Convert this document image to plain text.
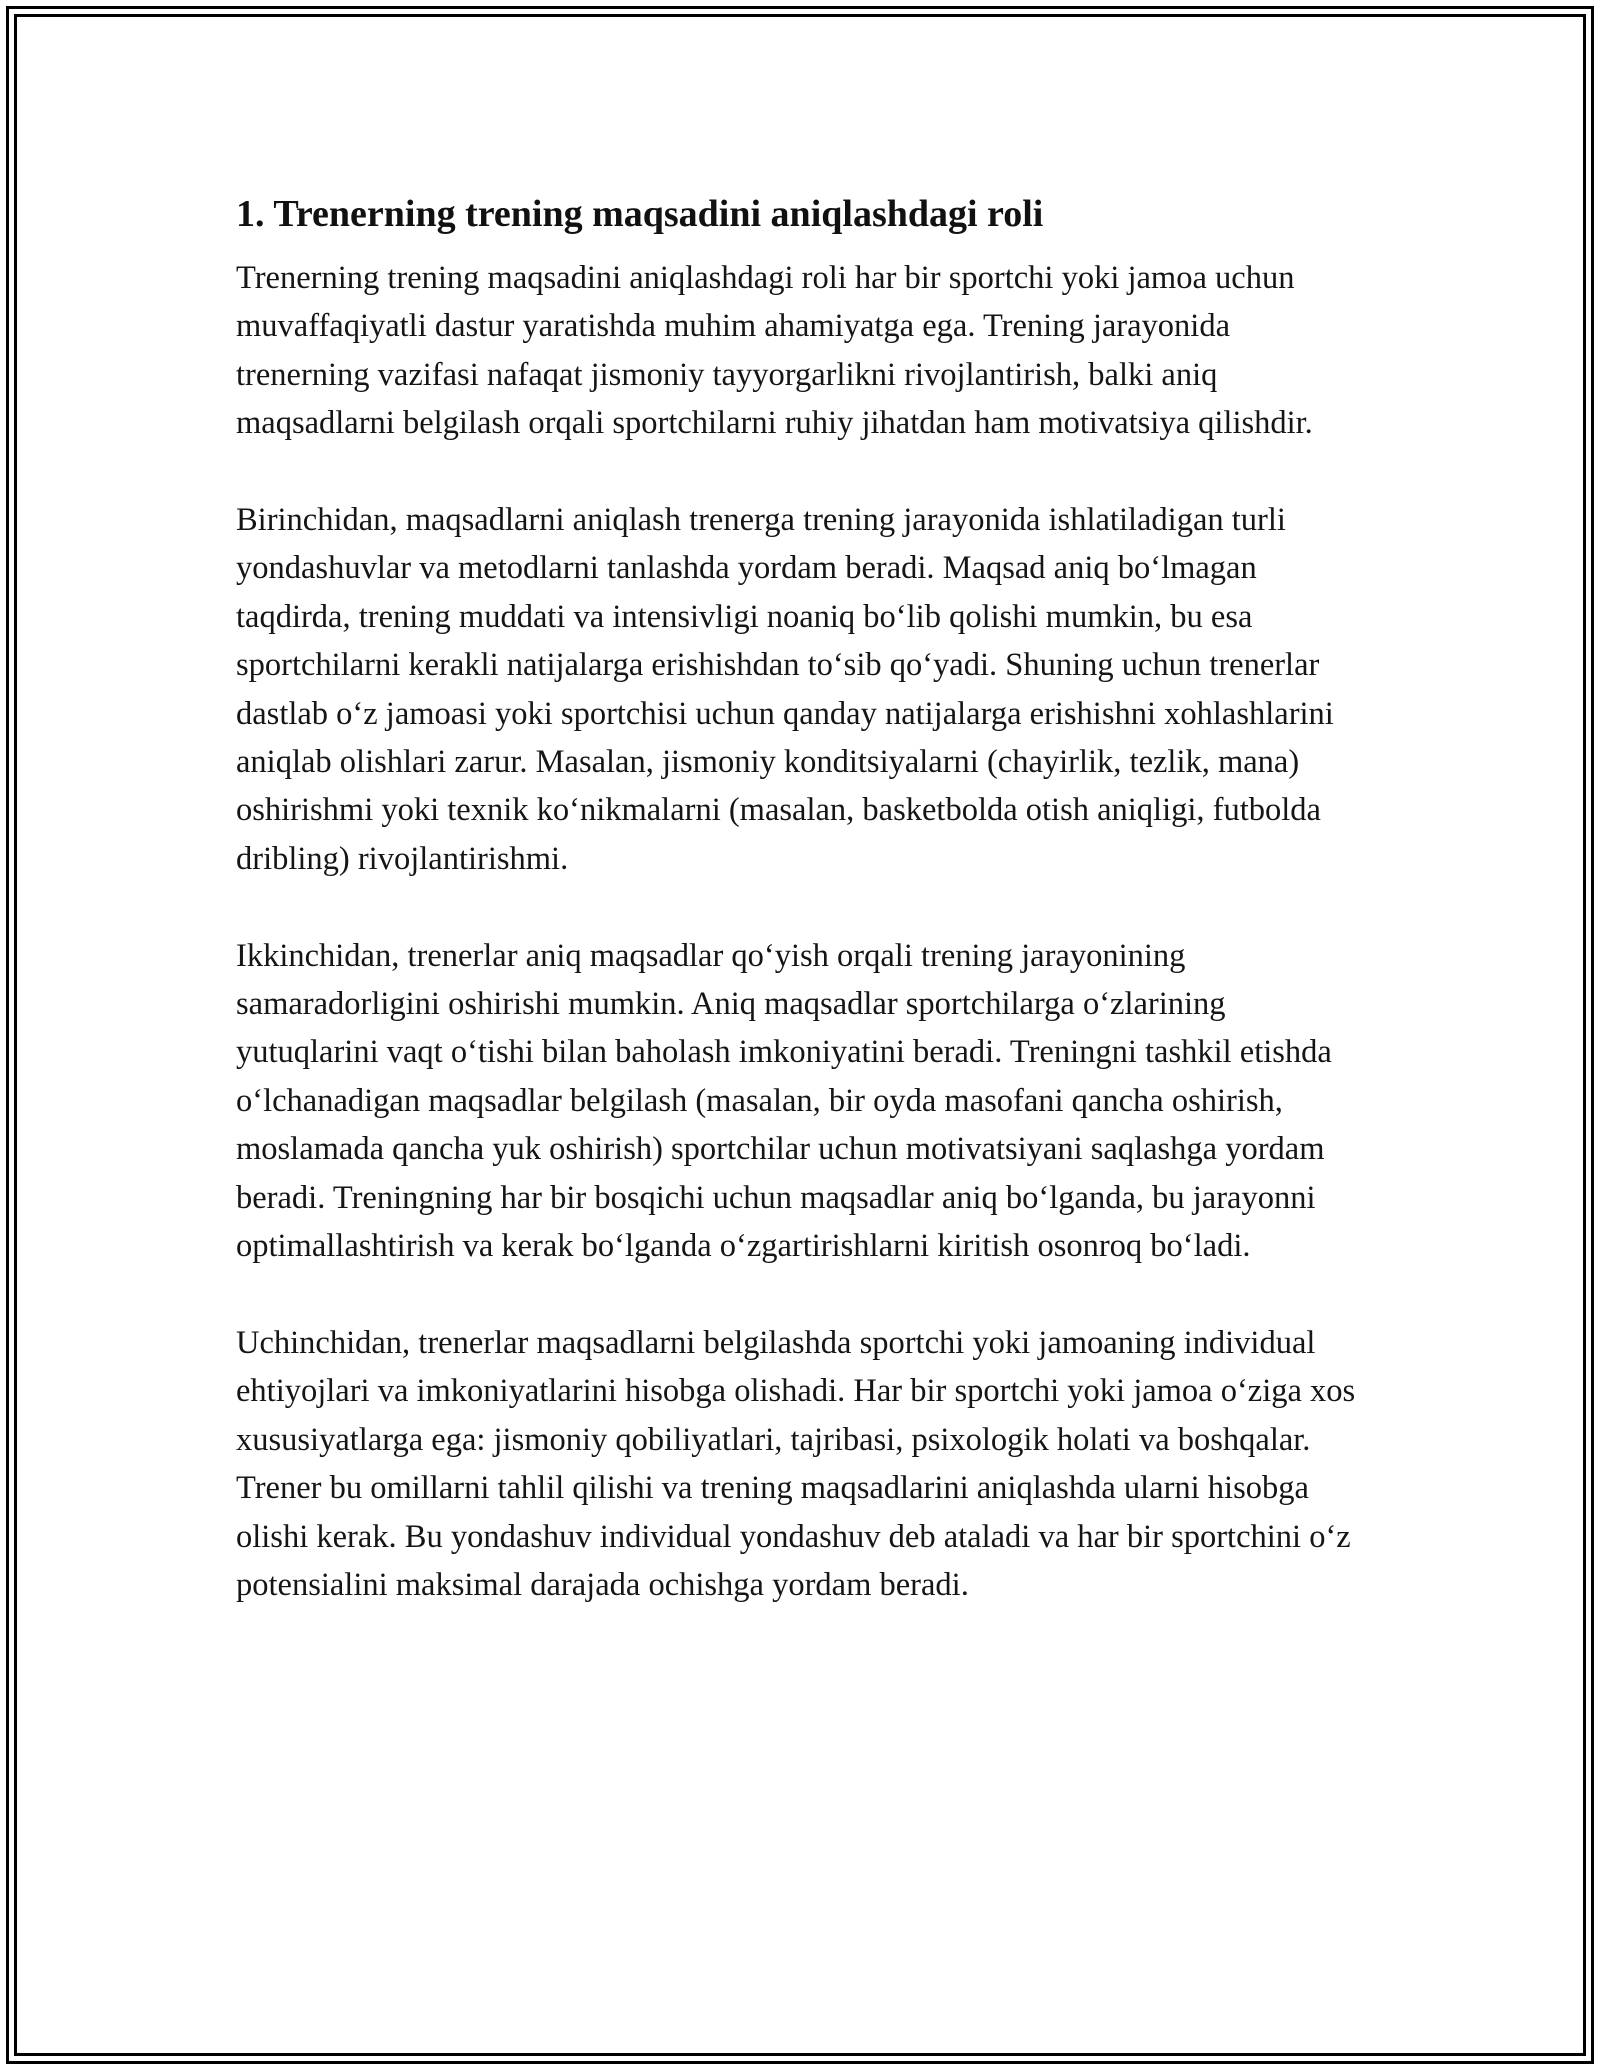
1. Trenerning trening maqsadini aniqlashdagi roli

Trenerning trening maqsadini aniqlashdagi roli har bir sportchi yoki jamoa uchun muvaffaqiyatli dastur yaratishda muhim ahamiyatga ega. Trening jarayonida trenerning vazifasi nafaqat jismoniy tayyorgarlikni rivojlantirish, balki aniq maqsadlarni belgilash orqali sportchilarni ruhiy jihatdan ham motivatsiya qilishdir.

Birinchidan, maqsadlarni aniqlash trenerga trening jarayonida ishlatiladigan turli yondashuvlar va metodlarni tanlashda yordam beradi. Maqsad aniq boʻlmagan taqdirda, trening muddati va intensivligi noaniq boʻlib qolishi mumkin, bu esa sportchilarni kerakli natijalarga erishishdan toʻsib qoʻyadi. Shuning uchun trenerlar dastlab oʻz jamoasi yoki sportchisi uchun qanday natijalarga erishishni xohlashlarini aniqlab olishlari zarur. Masalan, jismoniy konditsiyalarni (chayirlik, tezlik, mana) oshirishmi yoki texnik koʻnikmalarni (masalan, basketbolda otish aniqligi, futbolda dribling) rivojlantirishmi.

Ikkinchidan, trenerlar aniq maqsadlar qoʻyish orqali trening jarayonining samaradorligini oshirishi mumkin. Aniq maqsadlar sportchilarga oʻzlarining yutuqlarini vaqt oʻtishi bilan baholash imkoniyatini beradi. Treningni tashkil etishda oʻlchanadigan maqsadlar belgilash (masalan, bir oyda masofani qancha oshirish, moslamada qancha yuk oshirish) sportchilar uchun motivatsiyani saqlashga yordam beradi. Treningning har bir bosqichi uchun maqsadlar aniq boʻlganda, bu jarayonni optimallashtirish va kerak boʻlganda oʻzgartirishlarni kiritish osonroq boʻladi.

Uchinchidan, trenerlar maqsadlarni belgilashda sportchi yoki jamoaning individual ehtiyojlari va imkoniyatlarini hisobga olishadi. Har bir sportchi yoki jamoa oʻziga xos xususiyatlarga ega: jismoniy qobiliyatlari, tajribasi, psixologik holati va boshqalar. Trener bu omillarni tahlil qilishi va trening maqsadlarini aniqlashda ularni hisobga olishi kerak. Bu yondashuv individual yondashuv deb ataladi va har bir sportchini oʻz potensialini maksimal darajada ochishga yordam beradi.
